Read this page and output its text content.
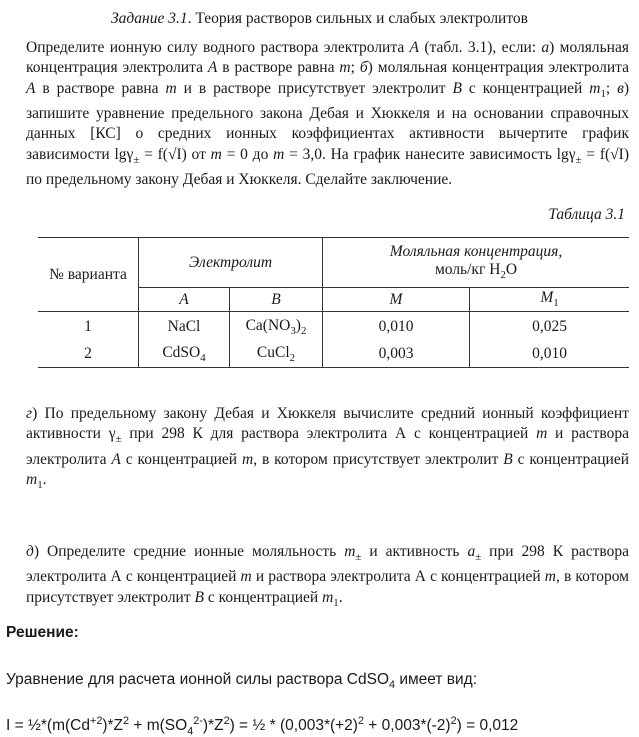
Задание 3.1. Теория растворов сильных и слабых электролитов
Определите ионную силу водного раствора электролита А (табл. 3.1), если: а) моляльная концентрация электролита А в растворе равна m; б) моляльная концентрация электролита А в растворе равна m и в растворе присутствует электролит В с концентрацией $m_1$; в) запишите уравнение предельного закона Дебая и Хюккеля и на основании справочных данных [КС] о средних ионных коэффициентах активности вычертите график зависимости lgγ$_\pm$ = f(√I) от m = 0 до m = 3,0. На график нанесите зависимость lgγ$_\pm$ = f(√I) по предельному закону Дебая и Хюккеля. Сделайте заключение.
Таблица 3.1
№ варианта	Электролит		Моляльная концентрация,
моль/кг $H_2O$	
	А	В	M	$M_1$
1	NaCl	$Ca(NO_3)_2$	0,010	0,025
2	CdSO$_4$	CuCl$_2$	0,003	0,010
г) По предельному закону Дебая и Хюккеля вычислите средний ионный коэффициент активности $\gamma_\pm$ при 298 К для раствора электролита А с концентрацией m и раствора электролита А с концентрацией m, в котором присутствует электролит В с концентрацией $m_1$.
д) Определите средние ионные моляльность $m_\pm$ и активность $a_\pm$ при 298 К раствора электролита А с концентрацией m и раствора электролита А с концентрацией m, в котором присутствует электролит В с концентрацией $m_1$.
Решение:
Уравнение для расчета ионной силы раствора CdSO$_4$ имеет вид:
$I = \frac{1}{2}*(m(Cd^{+2})*Z^2 + m(SO_4^{2-})*Z^2)$ = ½ * $(0,003*(+2)^2 + 0,003*(-2)^2) = 0,012$
